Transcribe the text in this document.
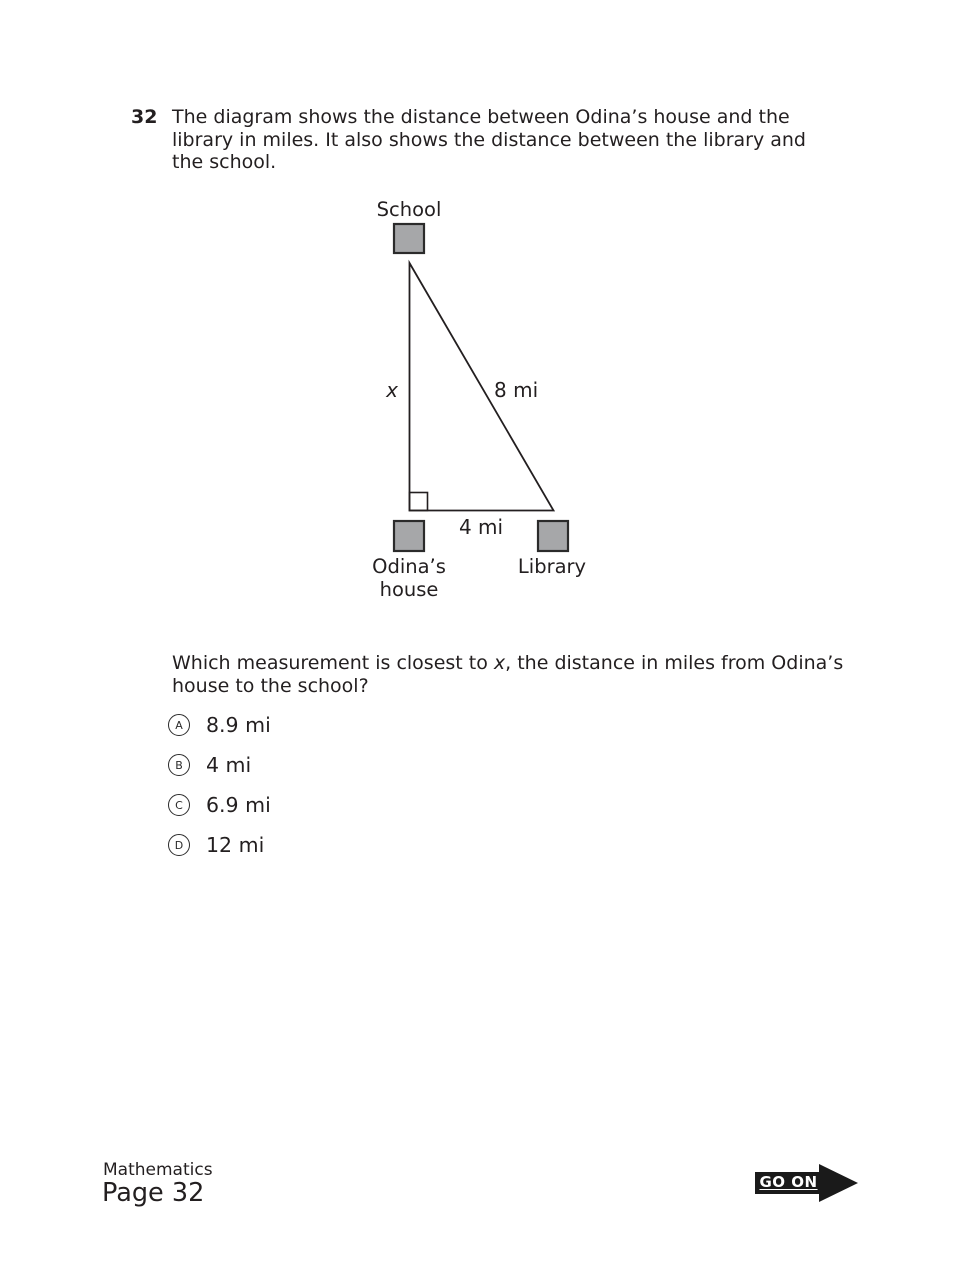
32 The diagram shows the distance between Odina’s house and the library in miles. It also shows the distance between the library and the school.

School
x	8 mi
4 mi
Odina’s
house
Library

Which measurement is closest to x, the distance in miles from Odina’s house to the school?

A	8.9 mi
B	4 mi
C	6.9 mi
D	12 mi
Mathematics
Page 32	GO ON
